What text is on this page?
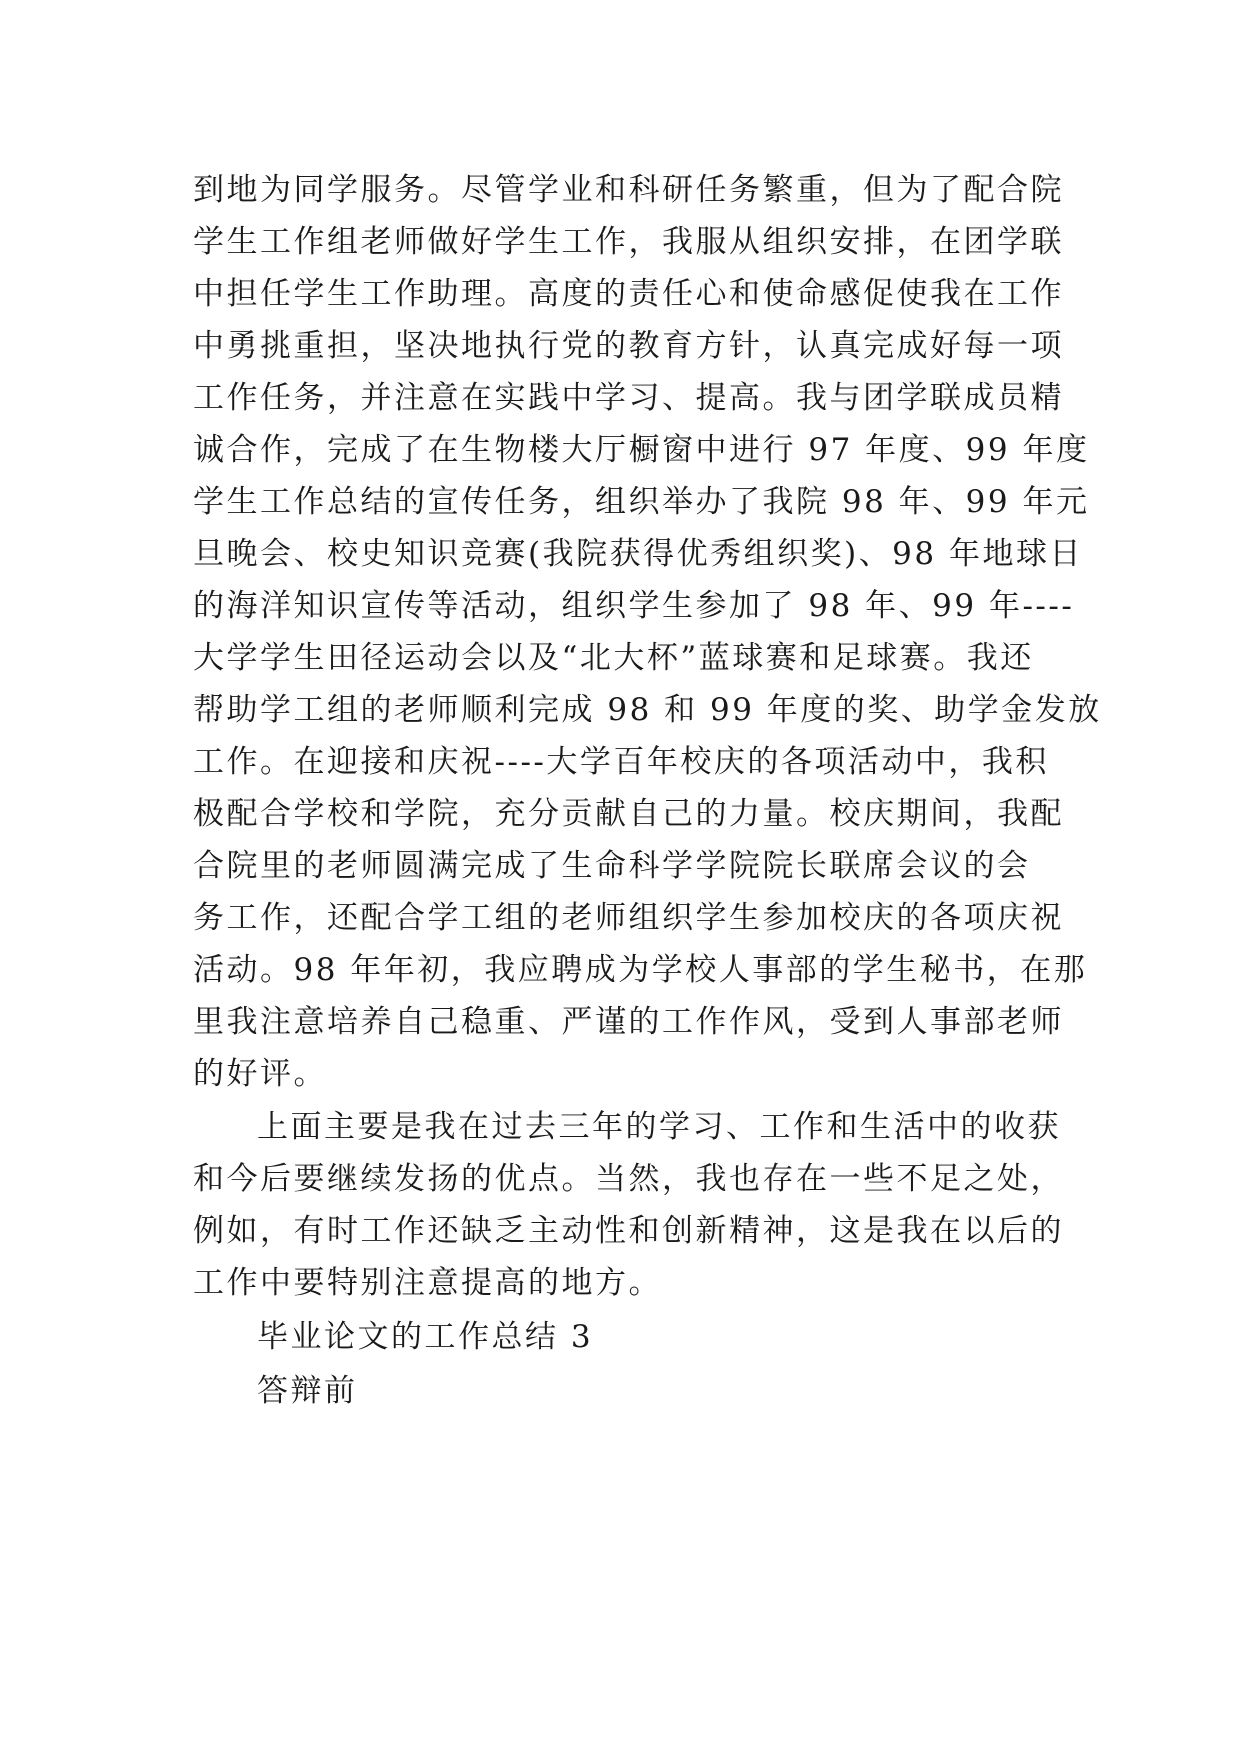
到地为同学服务。尽管学业和科研任务繁重，但为了配合院
学生工作组老师做好学生工作，我服从组织安排，在团学联
中担任学生工作助理。高度的责任心和使命感促使我在工作
中勇挑重担，坚决地执行党的教育方针，认真完成好每一项
工作任务，并注意在实践中学习、提高。我与团学联成员精
诚合作，完成了在生物楼大厅橱窗中进行 97 年度、99 年度
学生工作总结的宣传任务，组织举办了我院 98 年、99 年元
旦晚会、校史知识竞赛(我院获得优秀组织奖)、98 年地球日
的海洋知识宣传等活动，组织学生参加了 98 年、99 年----
大学学生田径运动会以及“北大杯”蓝球赛和足球赛。我还
帮助学工组的老师顺利完成 98 和 99 年度的奖、助学金发放
工作。在迎接和庆祝----大学百年校庆的各项活动中，我积
极配合学校和学院，充分贡献自己的力量。校庆期间，我配
合院里的老师圆满完成了生命科学学院院长联席会议的会
务工作，还配合学工组的老师组织学生参加校庆的各项庆祝
活动。98 年年初，我应聘成为学校人事部的学生秘书，在那
里我注意培养自己稳重、严谨的工作作风，受到人事部老师
的好评。
上面主要是我在过去三年的学习、工作和生活中的收获
和今后要继续发扬的优点。当然，我也存在一些不足之处，
例如，有时工作还缺乏主动性和创新精神，这是我在以后的
工作中要特别注意提高的地方。
毕业论文的工作总结 3
答辩前
